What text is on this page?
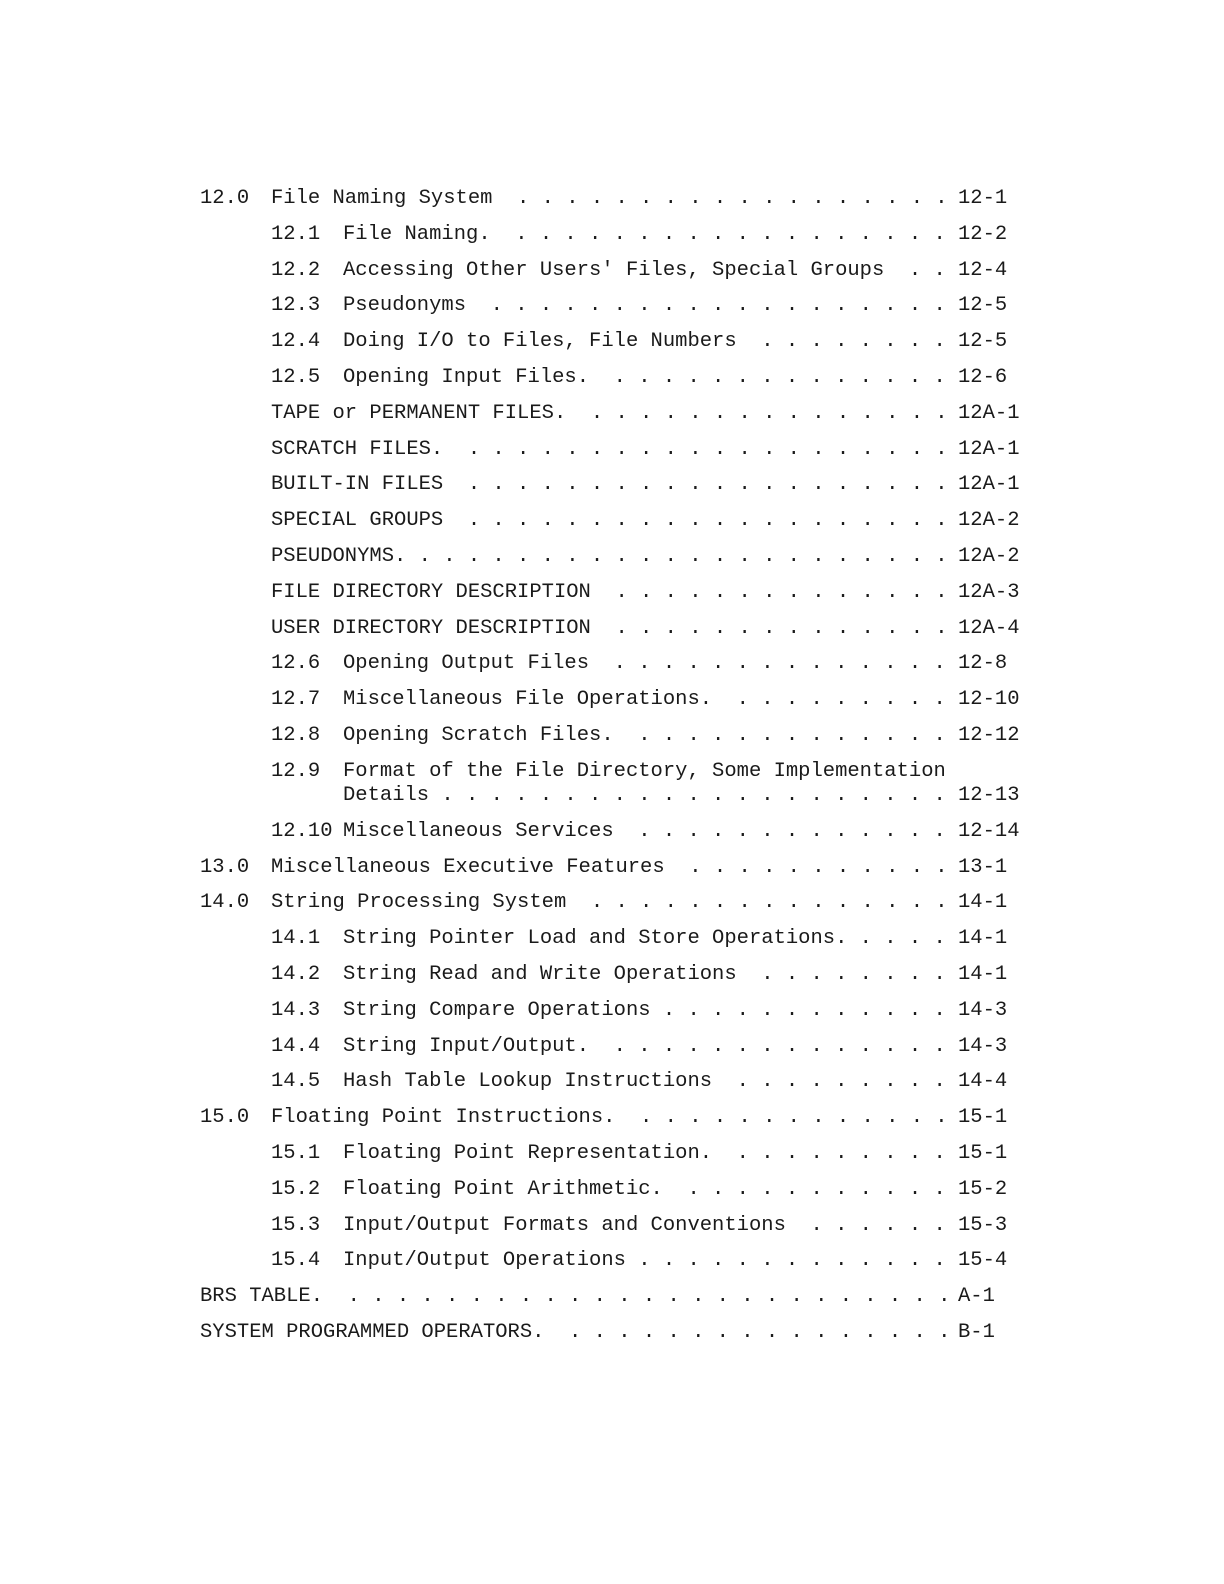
12.0 File Naming System . . .	12-1
12.1 File Naming. . . .	12-2
12.2 Accessing Other Users' Files, Special Groups . . .	12-4
12.3 Pseudonyms . . .	12-5
12.4 Doing I/O to Files, File Numbers . . .	12-5
12.5 Opening Input Files. . . .	12-6
TAPE or PERMANENT FILES. . . .	12A-1
SCRATCH FILES. . . .	12A-1
BUILT-IN FILES . . .	12A-1
SPECIAL GROUPS . . .	12A-2
PSEUDONYMS. . . .	12A-2
FILE DIRECTORY DESCRIPTION . . .	12A-3
USER DIRECTORY DESCRIPTION . . .	12A-4
12.6 Opening Output Files . . .	12-8
12.7 Miscellaneous File Operations. . . .	12-10
12.8 Opening Scratch Files. . . .	12-12
12.9 Format of the File Directory, Some Implementation
Details . . .	12-13
12.10 Miscellaneous Services . . .	12-14
13.0 Miscellaneous Executive Features . . .	13-1
14.0 String Processing System . . .	14-1
14.1 String Pointer Load and Store Operations. . . .	14-1
14.2 String Read and Write Operations . . .	14-1
14.3 String Compare Operations . . .	14-3
14.4 String Input/Output. . . .	14-3
14.5 Hash Table Lookup Instructions . . .	14-4
15.0 Floating Point Instructions. . . .	15-1
15.1 Floating Point Representation. . . .	15-1
15.2 Floating Point Arithmetic. . . .	15-2
15.3 Input/Output Formats and Conventions . . .	15-3
15.4 Input/Output Operations . . .	15-4
BRS TABLE. . . .	A-1
SYSTEM PROGRAMMED OPERATORS. . . .	B-1
